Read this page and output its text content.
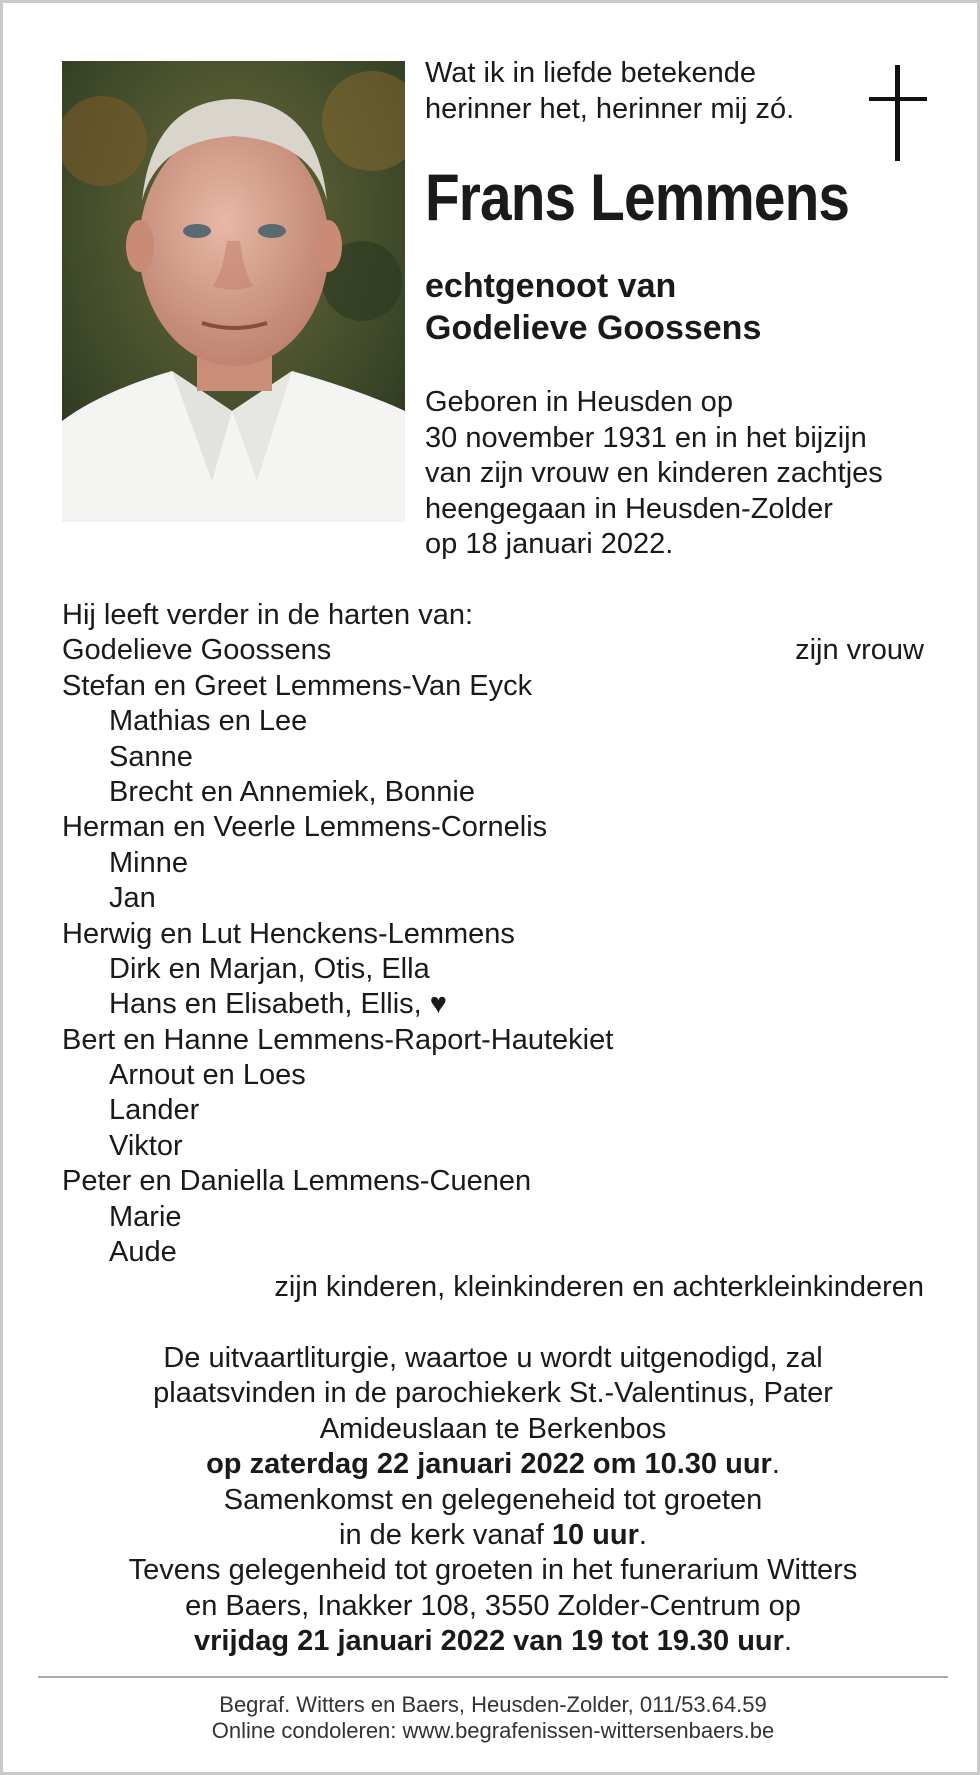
Wat ik in liefde betekende
herinner het, herinner mij zó.
Frans Lemmens
echtgenoot van
Godelieve Goossens
Geboren in Heusden op
30 november 1931 en in het bijzijn
van zijn vrouw en kinderen zachtjes
heengegaan in Heusden-Zolder
op 18 januari 2022.
Hij leeft verder in de harten van:
Godelieve Goossens	zijn vrouw
Stefan en Greet Lemmens-Van Eyck
Mathias en Lee
Sanne
Brecht en Annemiek, Bonnie
Herman en Veerle Lemmens-Cornelis
Minne
Jan
Herwig en Lut Henckens-Lemmens
Dirk en Marjan, Otis, Ella
Hans en Elisabeth, Ellis, ♥
Bert en Hanne Lemmens-Raport-Hautekiet
Arnout en Loes
Lander
Viktor
Peter en Daniella Lemmens-Cuenen
Marie
Aude
zijn kinderen, kleinkinderen en achterkleinkinderen
De uitvaartliturgie, waartoe u wordt uitgenodigd, zal
plaatsvinden in de parochiekerk St.-Valentinus, Pater
Amideuslaan te Berkenbos
op zaterdag 22 januari 2022 om 10.30 uur.
Samenkomst en gelegeneheid tot groeten
in de kerk vanaf 10 uur.
Tevens gelegenheid tot groeten in het funerarium Witters
en Baers, Inakker 108, 3550 Zolder-Centrum op
vrijdag 21 januari 2022 van 19 tot 19.30 uur.
Begraf. Witters en Baers, Heusden-Zolder, 011/53.64.59
Online condoleren: www.begrafenissen-wittersenbaers.be
